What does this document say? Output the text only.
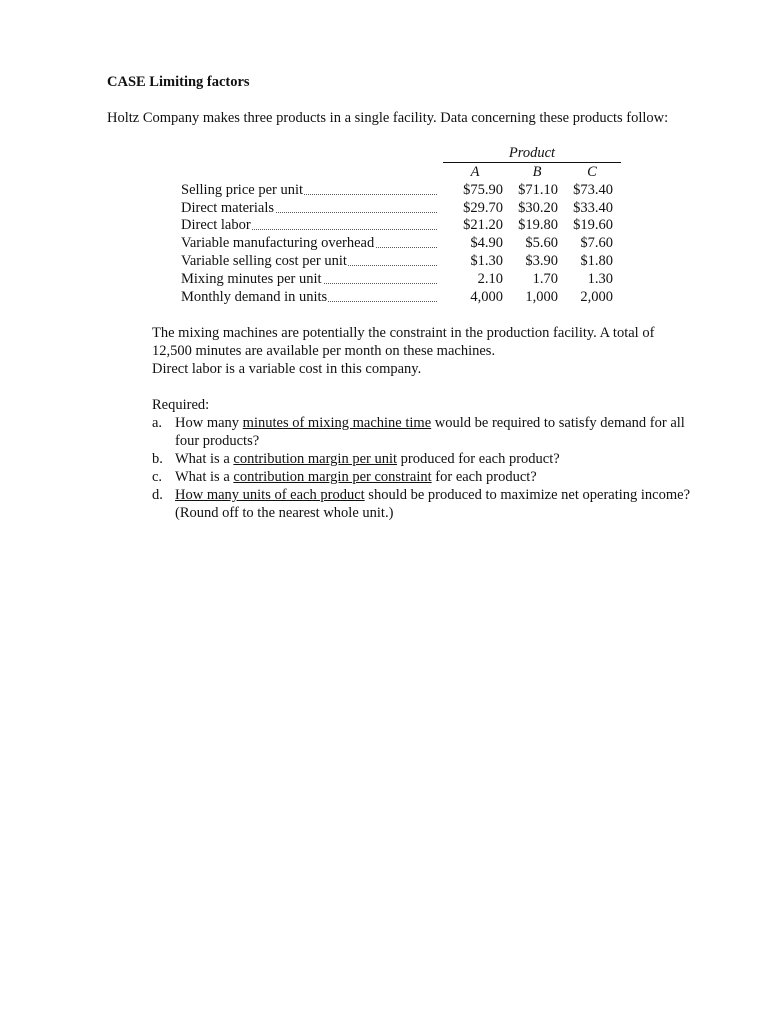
CASE Limiting factors
Holtz Company makes three products in a single facility. Data concerning these products follow:
Product
A	B	C
Selling price per unit	$75.90	$71.10	$73.40
Direct materials	$29.70	$30.20	$33.40
Direct labor	$21.20	$19.80	$19.60
Variable manufacturing overhead	$4.90	$5.60	$7.60
Variable selling cost per unit	$1.30	$3.90	$1.80
Mixing minutes per unit	2.10	1.70	1.30
Monthly demand in units	4,000	1,000	2,000
The mixing machines are potentially the constraint in the production facility. A total of
12,500 minutes are available per month on these machines.
Direct labor is a variable cost in this company.
Required:
a. How many minutes of mixing machine time would be required to satisfy demand for all
four products?
b. What is a contribution margin per unit produced for each product?
c. What is a contribution margin per constraint for each product?
d. How many units of each product should be produced to maximize net operating income?
(Round off to the nearest whole unit.)
